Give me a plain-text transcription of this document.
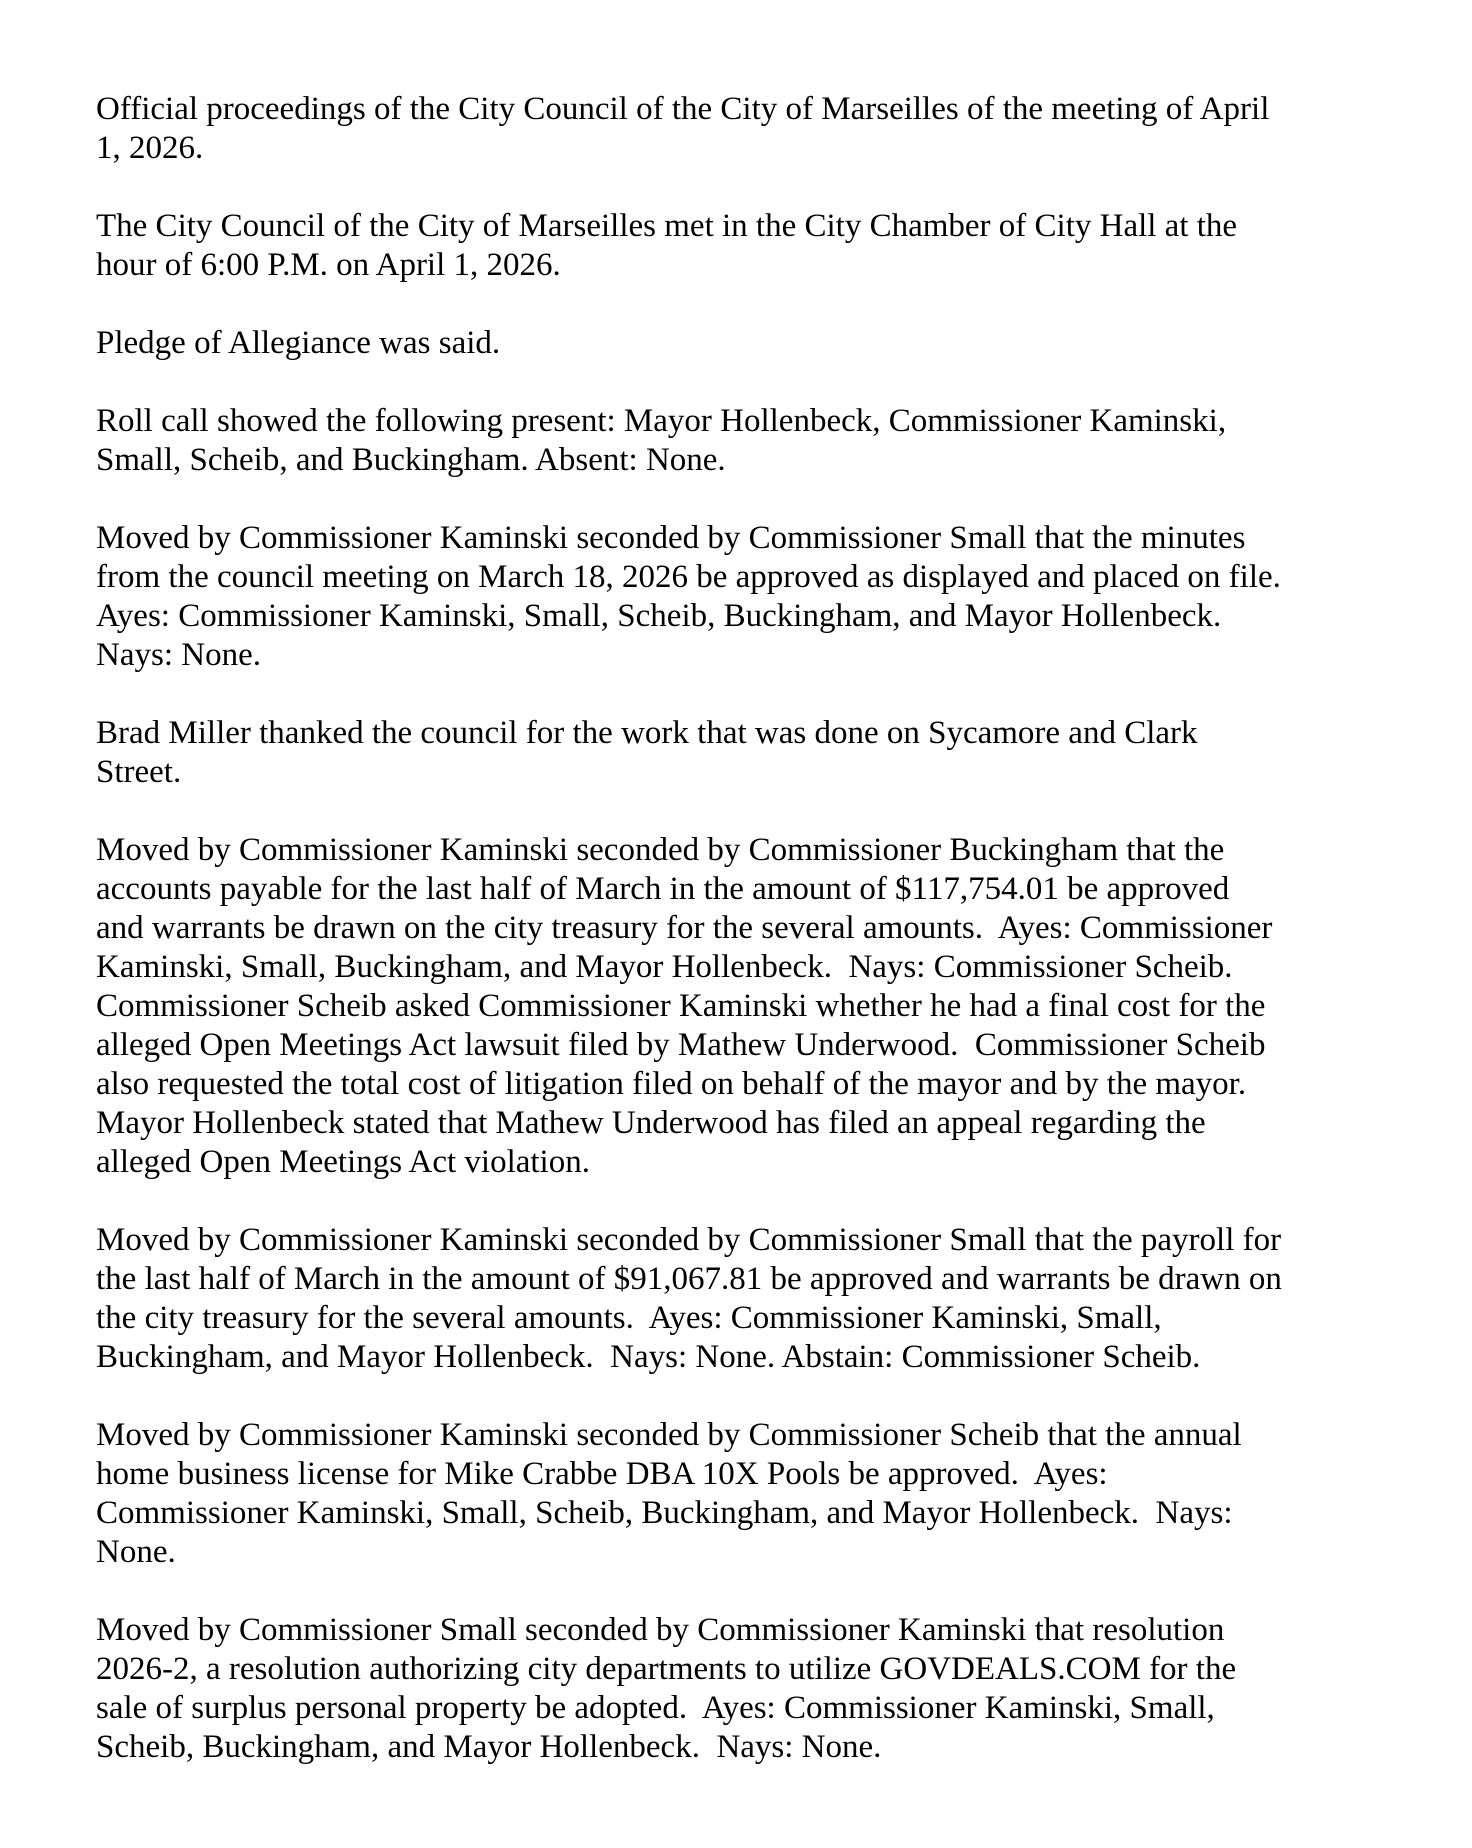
Official proceedings of the City Council of the City of Marseilles of the meeting of April
1, 2026.

The City Council of the City of Marseilles met in the City Chamber of City Hall at the
hour of 6:00 P.M. on April 1, 2026.

Pledge of Allegiance was said.

Roll call showed the following present: Mayor Hollenbeck, Commissioner Kaminski,
Small, Scheib, and Buckingham. Absent: None.

Moved by Commissioner Kaminski seconded by Commissioner Small that the minutes
from the council meeting on March 18, 2026 be approved as displayed and placed on file.
Ayes: Commissioner Kaminski, Small, Scheib, Buckingham, and Mayor Hollenbeck.
Nays: None.

Brad Miller thanked the council for the work that was done on Sycamore and Clark
Street.

Moved by Commissioner Kaminski seconded by Commissioner Buckingham that the
accounts payable for the last half of March in the amount of $117,754.01 be approved
and warrants be drawn on the city treasury for the several amounts.  Ayes: Commissioner
Kaminski, Small, Buckingham, and Mayor Hollenbeck.  Nays: Commissioner Scheib.
Commissioner Scheib asked Commissioner Kaminski whether he had a final cost for the
alleged Open Meetings Act lawsuit filed by Mathew Underwood.  Commissioner Scheib
also requested the total cost of litigation filed on behalf of the mayor and by the mayor.
Mayor Hollenbeck stated that Mathew Underwood has filed an appeal regarding the
alleged Open Meetings Act violation.

Moved by Commissioner Kaminski seconded by Commissioner Small that the payroll for
the last half of March in the amount of $91,067.81 be approved and warrants be drawn on
the city treasury for the several amounts.  Ayes: Commissioner Kaminski, Small,
Buckingham, and Mayor Hollenbeck.  Nays: None. Abstain: Commissioner Scheib.

Moved by Commissioner Kaminski seconded by Commissioner Scheib that the annual
home business license for Mike Crabbe DBA 10X Pools be approved.  Ayes:
Commissioner Kaminski, Small, Scheib, Buckingham, and Mayor Hollenbeck.  Nays:
None.

Moved by Commissioner Small seconded by Commissioner Kaminski that resolution
2026-2, a resolution authorizing city departments to utilize GOVDEALS.COM for the
sale of surplus personal property be adopted.  Ayes: Commissioner Kaminski, Small,
Scheib, Buckingham, and Mayor Hollenbeck.  Nays: None.
